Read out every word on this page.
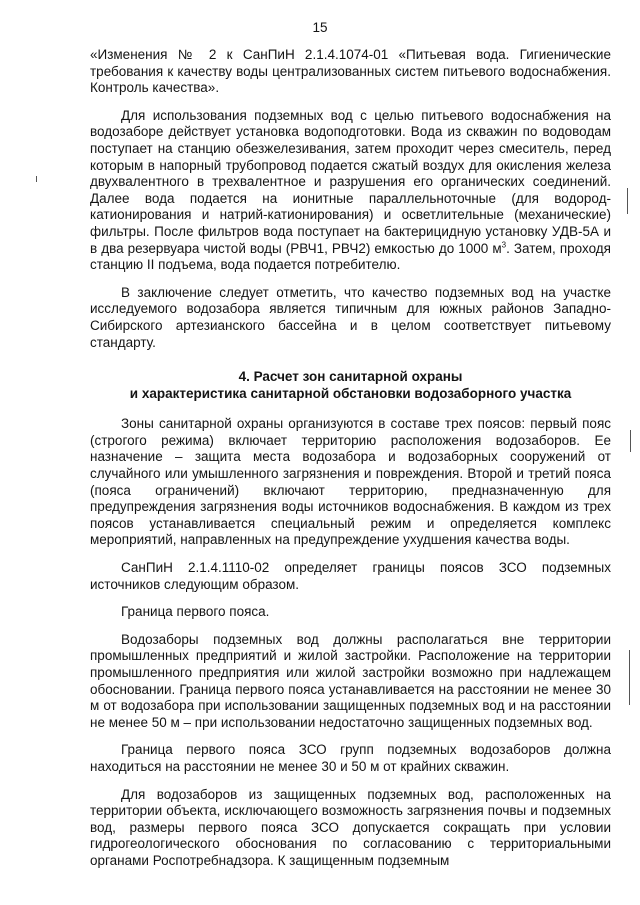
15

«Изменения № 2 к СанПиН 2.1.4.1074-01 «Питьевая вода. Гигиенические требования к качеству воды централизованных систем питьевого водоснабжения. Контроль качества».

Для использования подземных вод с целью питьевого водоснабжения на водозаборе действует установка водоподготовки. Вода из скважин по водоводам поступает на станцию обезжелезивания, затем проходит через смеситель, перед которым в напорный трубопровод подается сжатый воздух для окисления железа двухвалентного в трехвалентное и разрушения его органических соединений. Далее вода подается на ионитные параллельноточные (для водород-катионирования и натрий-катионирования) и осветлительные (механические) фильтры. После фильтров вода поступает на бактерицидную установку УДВ-5А и в два резервуара чистой воды (РВЧ1, РВЧ2) емкостью до 1000 $м^3$. Затем, проходя станцию II подъема, вода подается потребителю.

В заключение следует отметить, что качество подземных вод на участке исследуемого водозабора является типичным для южных районов Западно-Сибирского артезианского бассейна и в целом соответствует питьевому стандарту.

4. Расчет зон санитарной охраны
и характеристика санитарной обстановки водозаборного участка

Зоны санитарной охраны организуются в составе трех поясов: первый пояс (строгого режима) включает территорию расположения водозаборов. Ее назначение – защита места водозабора и водозаборных сооружений от случайного или умышленного загрязнения и повреждения. Второй и третий пояса (пояса ограничений) включают территорию, предназначенную для предупреждения загрязнения воды источников водоснабжения. В каждом из трех поясов устанавливается специальный режим и определяется комплекс мероприятий, направленных на предупреждение ухудшения качества воды.

СанПиН 2.1.4.1110-02 определяет границы поясов ЗСО подземных источников следующим образом.

Граница первого пояса.

Водозаборы подземных вод должны располагаться вне территории промышленных предприятий и жилой застройки. Расположение на территории промышленного предприятия или жилой застройки возможно при надлежащем обосновании. Граница первого пояса устанавливается на расстоянии не менее 30 м от водозабора при использовании защищенных подземных вод и на расстоянии не менее 50 м – при использовании недостаточно защищенных подземных вод.

Граница первого пояса ЗСО групп подземных водозаборов должна находиться на расстоянии не менее 30 и 50 м от крайних скважин.

Для водозаборов из защищенных подземных вод, расположенных на территории объекта, исключающего возможность загрязнения почвы и подземных вод, размеры первого пояса ЗСО допускается сокращать при условии гидрогеологического обоснования по согласованию с территориальными органами Роспотребнадзора. К защищенным подземным
